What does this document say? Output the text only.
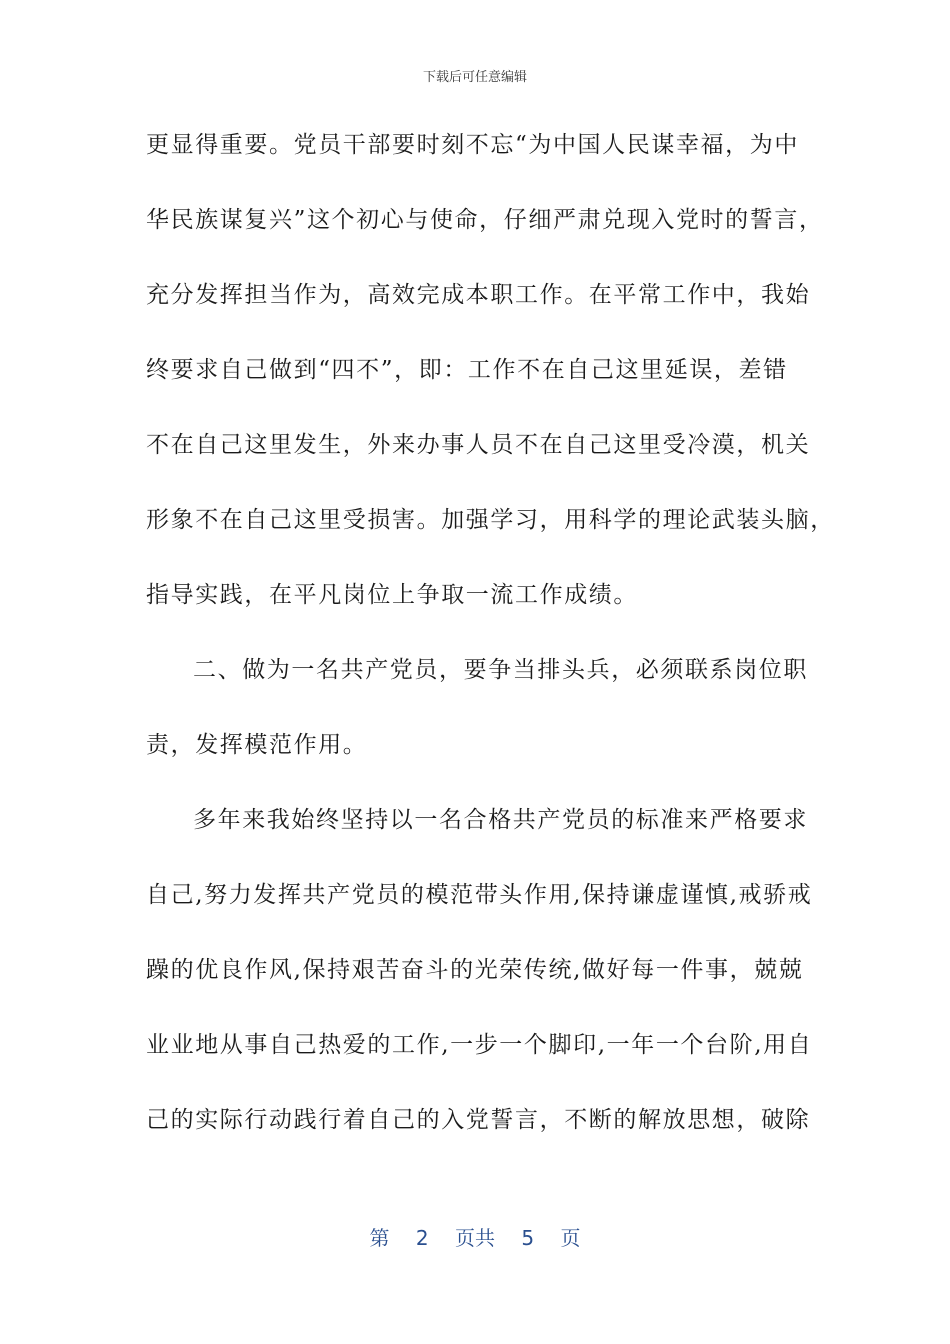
下载后可任意编辑
更显得重要。党员干部要时刻不忘“为中国人民谋幸福，为中
华民族谋复兴”这个初心与使命，仔细严肃兑现入党时的誓言，
充分发挥担当作为，高效完成本职工作。在平常工作中，我始
终要求自己做到“四不”，即：工作不在自己这里延误，差错
不在自己这里发生，外来办事人员不在自己这里受冷漠，机关
形象不在自己这里受损害。加强学习，用科学的理论武装头脑，
指导实践，在平凡岗位上争取一流工作成绩。
二、做为一名共产党员，要争当排头兵，必须联系岗位职
责，发挥模范作用。
多年来我始终坚持以一名合格共产党员的标准来严格要求
自己,努力发挥共产党员的模范带头作用,保持谦虚谨慎,戒骄戒
躁的优良作风,保持艰苦奋斗的光荣传统,做好每一件事，兢兢
业业地从事自己热爱的工作,一步一个脚印,一年一个台阶,用自
己的实际行动践行着自己的入党誓言，不断的解放思想，破除
第 2 页共 5 页
